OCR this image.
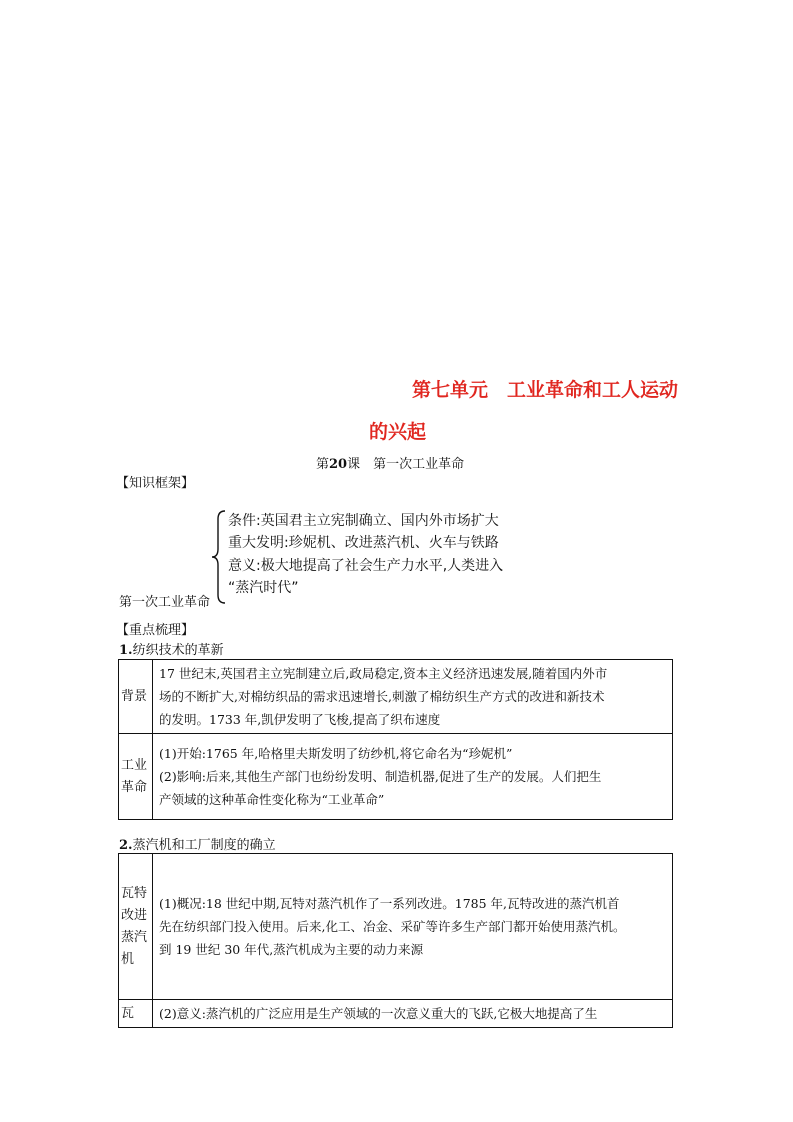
第七单元　工业革命和工人运动
的兴起
第20课　第一次工业革命
【知识框架】
条件:英国君主立宪制确立、国内外市场扩大
重大发明:珍妮机、改进蒸汽机、火车与铁路
意义:极大地提高了社会生产力水平,人类进入
“蒸汽时代”
第一次工业革命
【重点梳理】
1.纺织技术的革新
背景	17 世纪末,英国君主立宪制建立后,政局稳定,资本主义经济迅速发展,随着国内外市

场的不断扩大,对棉纺织品的需求迅速增长,刺激了棉纺织生产方式的改进和新技术

的发明。1733 年,凯伊发明了飞梭,提高了织布速度

工业革命	(1)开始:1765 年,哈格里夫斯发明了纺纱机,将它命名为“珍妮机”

(2)影响:后来,其他生产部门也纷纷发明、制造机器,促进了生产的发展。人们把生

产领域的这种革命性变化称为“工业革命”

2.蒸汽机和工厂制度的确立
瓦特改进蒸汽机	(1)概况:18 世纪中期,瓦特对蒸汽机作了一系列改进。1785 年,瓦特改进的蒸汽机首

先在纺织部门投入使用。后来,化工、冶金、采矿等许多生产部门都开始使用蒸汽机。

到 19 世纪 30 年代,蒸汽机成为主要的动力来源

瓦	(2)意义:蒸汽机的广泛应用是生产领域的一次意义重大的飞跃,它极大地提高了生
